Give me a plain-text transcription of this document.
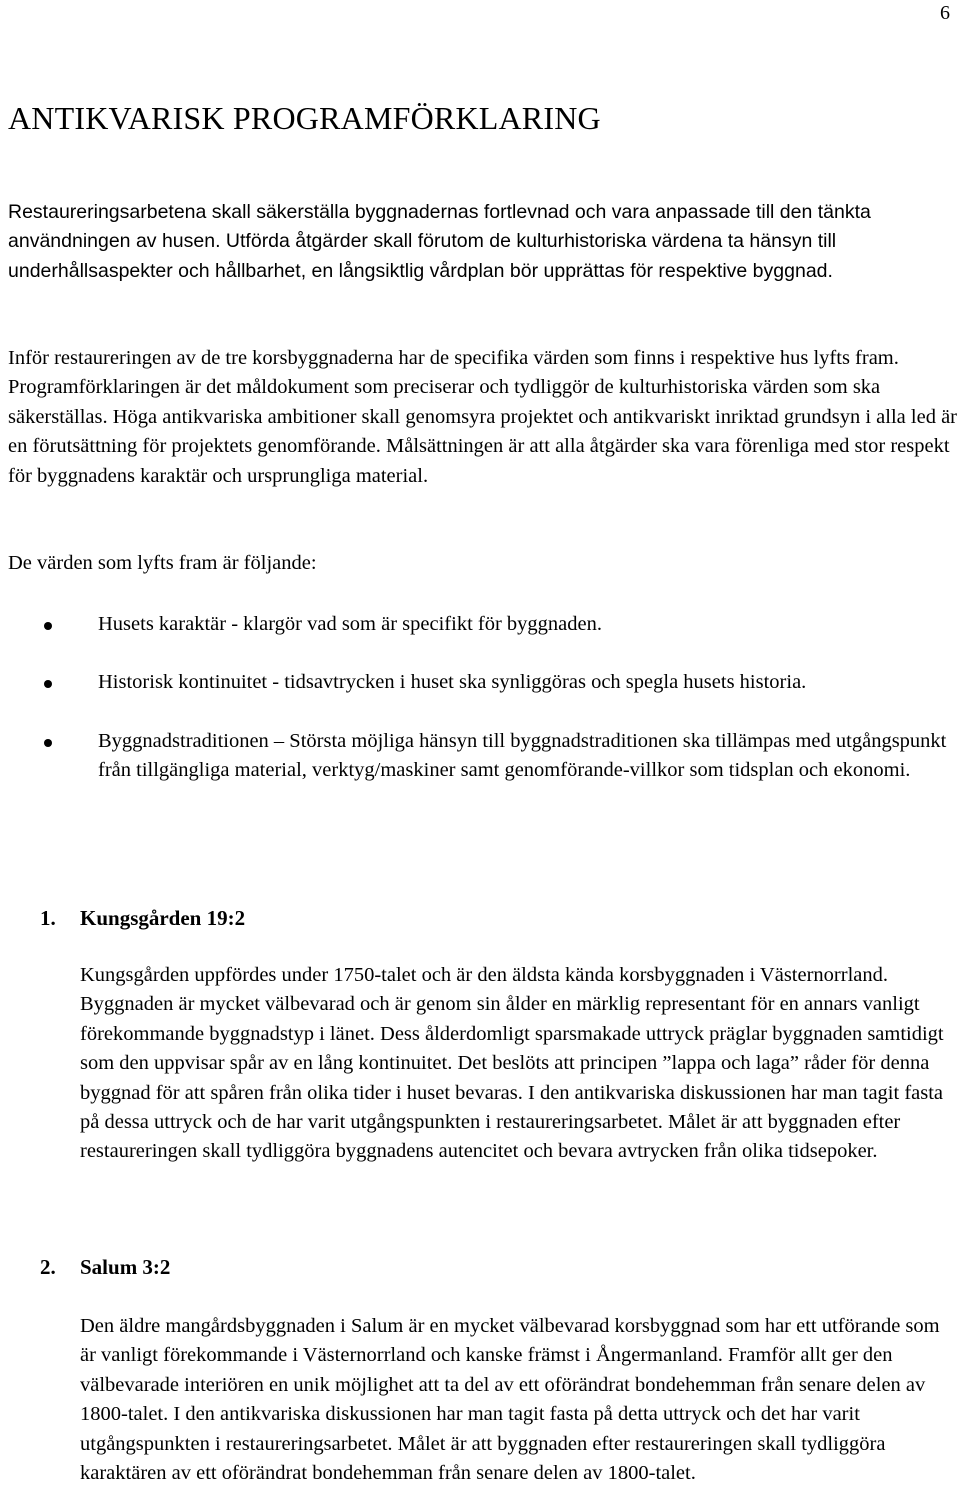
6
ANTIKVARISK PROGRAMFÖRKLARING

Restaureringsarbetena skall säkerställa byggnadernas fortlevnad och vara anpassade till den tänkta användningen av husen. Utförda åtgärder skall förutom de kulturhistoriska värdena ta hänsyn till underhållsaspekter och hållbarhet, en långsiktlig vårdplan bör upprättas för respektive byggnad.

Inför restaureringen av de tre korsbyggnaderna har de specifika värden som finns i respektive hus lyfts fram. Programförklaringen är det måldokument som preciserar och tydliggör de kulturhistoriska värden som ska säkerställas. Höga antikvariska ambitioner skall genomsyra projektet och antikvariskt inriktad grundsyn i alla led är en förutsättning för projektets genomförande. Målsättningen är att alla åtgärder ska vara förenliga med stor respekt för byggnadens karaktär och ursprungliga material.

De värden som lyfts fram är följande:

Husets karaktär - klargör vad som är specifikt för byggnaden.
Historisk kontinuitet - tidsavtrycken i huset ska synliggöras och spegla husets historia.
Byggnadstraditionen – Största möjliga hänsyn till byggnadstraditionen ska tillämpas med utgångspunkt från tillgängliga material, verktyg/maskiner samt genomförande-villkor som tidsplan och ekonomi.
1. Kungsgården 19:2

Kungsgården uppfördes under 1750-talet och är den äldsta kända korsbyggnaden i Västernorrland. Byggnaden är mycket välbevarad och är genom sin ålder en märklig representant för en annars vanligt förekommande byggnadstyp i länet. Dess ålderdomligt sparsmakade uttryck präglar byggnaden samtidigt som den uppvisar spår av en lång kontinuitet. Det beslöts att principen ”lappa och laga” råder för denna byggnad för att spåren från olika tider i huset bevaras. I den antikvariska diskussionen har man tagit fasta på dessa uttryck och de har varit utgångspunkten i restaureringsarbetet. Målet är att byggnaden efter restaureringen skall tydliggöra byggnadens autencitet och bevara avtrycken från olika tidsepoker.

2. Salum 3:2

Den äldre mangårdsbyggnaden i Salum är en mycket välbevarad korsbyggnad som har ett utförande som är vanligt förekommande i Västernorrland och kanske främst i Ångermanland. Framför allt ger den välbevarade interiören en unik möjlighet att ta del av ett oförändrat bondehemman från senare delen av 1800-talet. I den antikvariska diskussionen har man tagit fasta på detta uttryck och det har varit utgångspunkten i restaureringsarbetet. Målet är att byggnaden efter restaureringen skall tydliggöra karaktären av ett oförändrat bondehemman från senare delen av 1800-talet.
